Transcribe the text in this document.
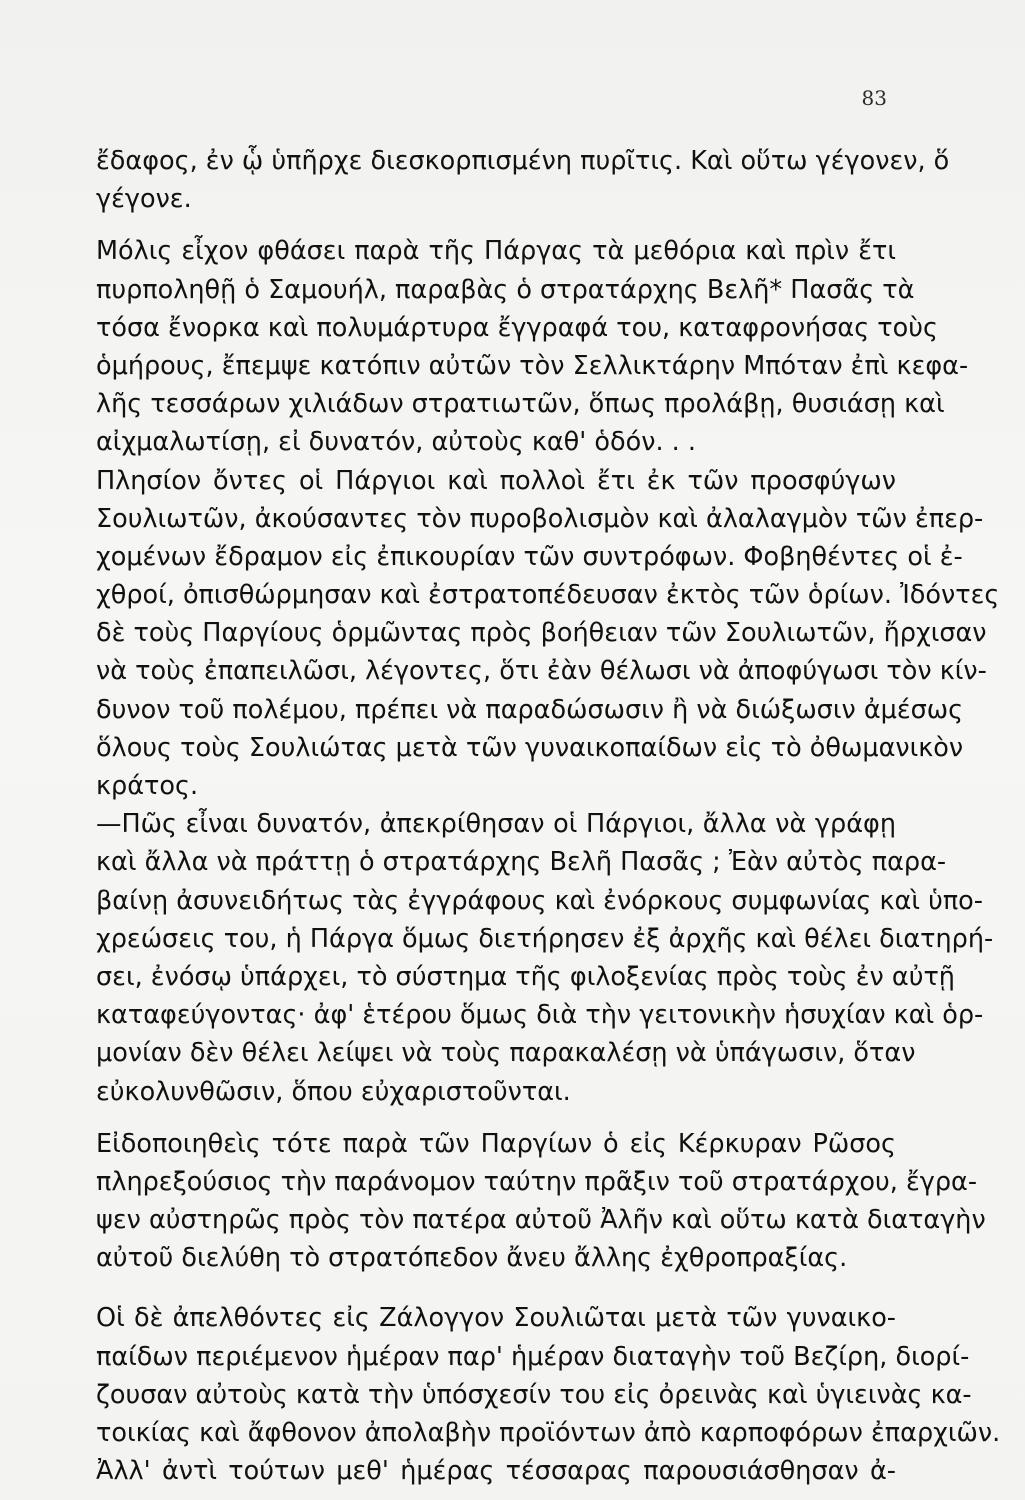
83
ἔδαφος, ἐν ᾧ ὑπῆρχε διεσκορπισμένη πυρῖτις. Καὶ οὕτω γέγονεν, ὅ
γέγονε.
Μόλις εἶχον φθάσει παρὰ τῆς Πάργας τὰ μεθόρια καὶ πρὶν ἔτι
πυρποληθῇ ὁ Σαμουήλ, παραβὰς ὁ στρατάρχης Βελῆ* Πασᾶς τὰ
τόσα ἔνορκα καὶ πολυμάρτυρα ἔγγραφά του, καταφρονήσας τοὺς
ὁμήρους, ἔπεμψε κατόπιν αὐτῶν τὸν Σελλικτάρην Μπόταν ἐπὶ κεφα-
λῆς τεσσάρων χιλιάδων στρατιωτῶν, ὅπως προλάβῃ, θυσιάσῃ καὶ
αἰχμαλωτίσῃ, εἰ δυνατόν, αὐτοὺς καθ' ὁδόν. . .
Πλησίον ὄντες οἱ Πάργιοι καὶ πολλοὶ ἔτι ἐκ τῶν προσφύγων
Σουλιωτῶν, ἀκούσαντες τὸν πυροβολισμὸν καὶ ἀλαλαγμὸν τῶν ἐπερ-
χομένων ἔδραμον εἰς ἐπικουρίαν τῶν συντρόφων. Φοβηθέντες οἱ ἐ-
χθροί, ὀπισθώρμησαν καὶ ἐστρατοπέδευσαν ἐκτὸς τῶν ὁρίων. Ἰδόντες
δὲ τοὺς Παργίους ὁρμῶντας πρὸς βοήθειαν τῶν Σουλιωτῶν, ἤρχισαν
νὰ τοὺς ἐπαπειλῶσι, λέγοντες, ὅτι ἐὰν θέλωσι νὰ ἀποφύγωσι τὸν κίν-
δυνον τοῦ πολέμου, πρέπει νὰ παραδώσωσιν ἢ νὰ διώξωσιν ἀμέσως
ὅλους τοὺς Σουλιώτας μετὰ τῶν γυναικοπαίδων εἰς τὸ ὀθωμανικὸν
κράτος.
—Πῶς εἶναι δυνατόν, ἀπεκρίθησαν οἱ Πάργιοι, ἄλλα νὰ γράφῃ
καὶ ἄλλα νὰ πράττῃ ὁ στρατάρχης Βελῆ Πασᾶς ; Ἐὰν αὐτὸς παρα-
βαίνῃ ἀσυνειδήτως τὰς ἐγγράφους καὶ ἐνόρκους συμφωνίας καὶ ὑπο-
χρεώσεις του, ἡ Πάργα ὅμως διετήρησεν ἐξ ἀρχῆς καὶ θέλει διατηρή-
σει, ἐνόσῳ ὑπάρχει, τὸ σύστημα τῆς φιλοξενίας πρὸς τοὺς ἐν αὐτῇ
καταφεύγοντας· ἀφ' ἑτέρου ὅμως διὰ τὴν γειτονικὴν ἡσυχίαν καὶ ὁρ-
μονίαν δὲν θέλει λείψει νὰ τοὺς παρακαλέσῃ νὰ ὑπάγωσιν, ὅταν
εὐκολυνθῶσιν, ὅπου εὐχαριστοῦνται.
Εἰδοποιηθεὶς τότε παρὰ τῶν Παργίων ὁ εἰς Κέρκυραν Ρῶσος
πληρεξούσιος τὴν παράνομον ταύτην πρᾶξιν τοῦ στρατάρχου, ἔγρα-
ψεν αὐστηρῶς πρὸς τὸν πατέρα αὐτοῦ Ἀλῆν καὶ οὕτω κατὰ διαταγὴν
αὐτοῦ διελύθη τὸ στρατόπεδον ἄνευ ἄλλης ἐχθροπραξίας.
Οἱ δὲ ἀπελθόντες εἰς Ζάλογγον Σουλιῶται μετὰ τῶν γυναικο-
παίδων περιέμενον ἡμέραν παρ' ἡμέραν διαταγὴν τοῦ Βεζίρη, διορί-
ζουσαν αὐτοὺς κατὰ τὴν ὑπόσχεσίν του εἰς ὀρεινὰς καὶ ὑγιεινὰς κα-
τοικίας καὶ ἄφθονον ἀπολαβὴν προϊόντων ἀπὸ καρποφόρων ἐπαρχιῶν.
Ἀλλ' ἀντὶ τούτων μεθ' ἡμέρας τέσσαρας παρουσιάσθησαν ἀ-
